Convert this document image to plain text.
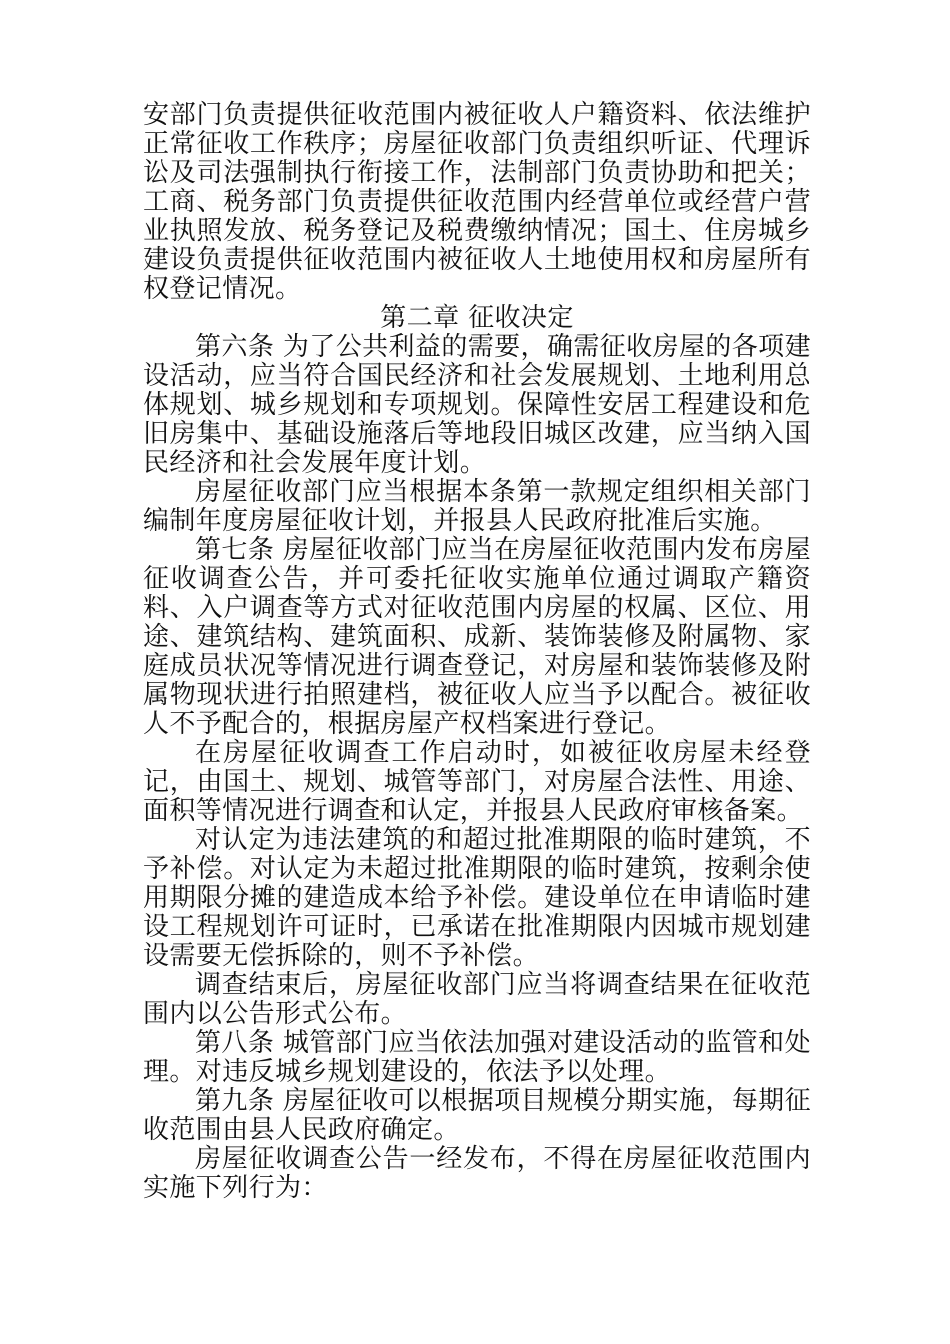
安部门负责提供征收范围内被征收人户籍资料、依法维护正常征收工作秩序；房屋征收部门负责组织听证、代理诉讼及司法强制执行衔接工作，法制部门负责协助和把关；工商、税务部门负责提供征收范围内经营单位或经营户营业执照发放、税务登记及税费缴纳情况；国土、住房城乡建设负责提供征收范围内被征收人土地使用权和房屋所有权登记情况。

第二章 征收决定

第六条 为了公共利益的需要，确需征收房屋的各项建设活动，应当符合国民经济和社会发展规划、土地利用总体规划、城乡规划和专项规划。保障性安居工程建设和危旧房集中、基础设施落后等地段旧城区改建，应当纳入国民经济和社会发展年度计划。

房屋征收部门应当根据本条第一款规定组织相关部门编制年度房屋征收计划，并报县人民政府批准后实施。

第七条 房屋征收部门应当在房屋征收范围内发布房屋征收调查公告，并可委托征收实施单位通过调取产籍资料、入户调查等方式对征收范围内房屋的权属、区位、用途、建筑结构、建筑面积、成新、装饰装修及附属物、家庭成员状况等情况进行调查登记，对房屋和装饰装修及附属物现状进行拍照建档，被征收人应当予以配合。被征收人不予配合的，根据房屋产权档案进行登记。

在房屋征收调查工作启动时，如被征收房屋未经登记，由国土、规划、城管等部门，对房屋合法性、用途、面积等情况进行调查和认定，并报县人民政府审核备案。

对认定为违法建筑的和超过批准期限的临时建筑，不予补偿。对认定为未超过批准期限的临时建筑，按剩余使用期限分摊的建造成本给予补偿。建设单位在申请临时建设工程规划许可证时，已承诺在批准期限内因城市规划建设需要无偿拆除的，则不予补偿。

调查结束后，房屋征收部门应当将调查结果在征收范围内以公告形式公布。

第八条 城管部门应当依法加强对建设活动的监管和处理。对违反城乡规划建设的，依法予以处理。

第九条 房屋征收可以根据项目规模分期实施，每期征收范围由县人民政府确定。

房屋征收调查公告一经发布，不得在房屋征收范围内实施下列行为：
